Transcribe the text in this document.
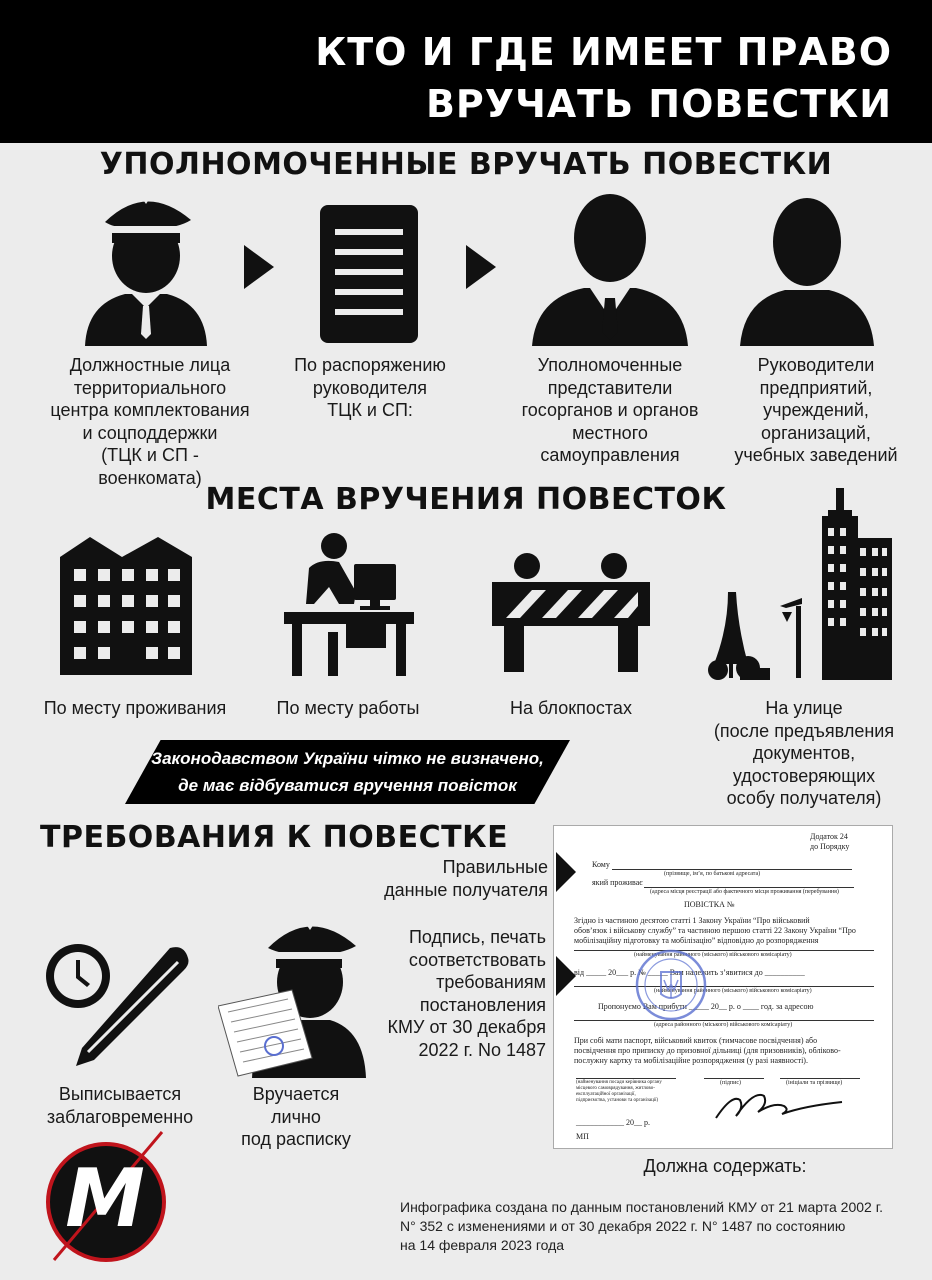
КТО И ГДЕ ИМЕЕТ ПРАВО
ВРУЧАТЬ ПОВЕСТКИ
УПОЛНОМОЧЕННЫЕ ВРУЧАТЬ ПОВЕСТКИ
Должностные лица
территориального
центра комплектования
и соцподдержки
(ТЦК и СП -
военкомата)
По распоряжению
руководителя
ТЦК и СП:
Уполномоченные
представители
госорганов и органов
местного
самоуправления
Руководители
предприятий,
учреждений,
организаций,
учебных заведений
МЕСТА ВРУЧЕНИЯ ПОВЕСТОК
По месту проживания	По месту работы	На блокпостах	На улице
(после предъявления
документов,
удостоверяющих
особу получателя)
Законодавством України чітко не визначено,
де має відбуватися вручення повісток
ТРЕБОВАНИЯ К ПОВЕСТКЕ
Правильные
данные получателя
Подпись, печать
соответствовать
требованиям
постановления
КМУ от 30 декабря
2022 г. No 1487
Выписывается
заблаговременно
Вручается
лично
под расписку
Додаток 24
до Порядку
Кому
(прізвище, ім’я, по батькові адресата)
який проживає
(адреса місця реєстрації або фактичного місця проживання (перебування)
ПОВІСТКА №
Згідно із частиною десятою статті 1 Закону України “Про військовий
обов’язок і військову службу” та частиною першою статті 22 Закону України “Про
мобілізаційну підготовку та мобілізацію” відповідно до розпорядження
(найменування районного (міського) військового комісаріату)
від _____ 20___ р. № _____ Вам належить з’явитися до __________
(найменування районного (міського) військового комісаріату)
Пропонуємо Вам прибути _____ 20__ р. о ____ год. за адресою
(адреса районного (міського) військового комісаріату)
При собі мати паспорт, військовий квиток (тимчасове посвідчення) або
посвідчення про приписку до призовної дільниці (для призовників), обліково-
послужну картку та мобілізаційне розпорядження (у разі наявності).
(найменування посади керівника органу
місцевого самоврядування, житлово-
експлуатаційної організації,
підприємства, установи та організації)
(підпис)	(ініціали та прізвище)
____________ 20__ р.
МП
Должна содержать:
M	Инфографика создана по данным постановлений КМУ от 21 марта 2002 г.
N° 352 с изменениями и от 30 декабря 2022 г. N° 1487 по состоянию
на 14 февраля 2023 года
